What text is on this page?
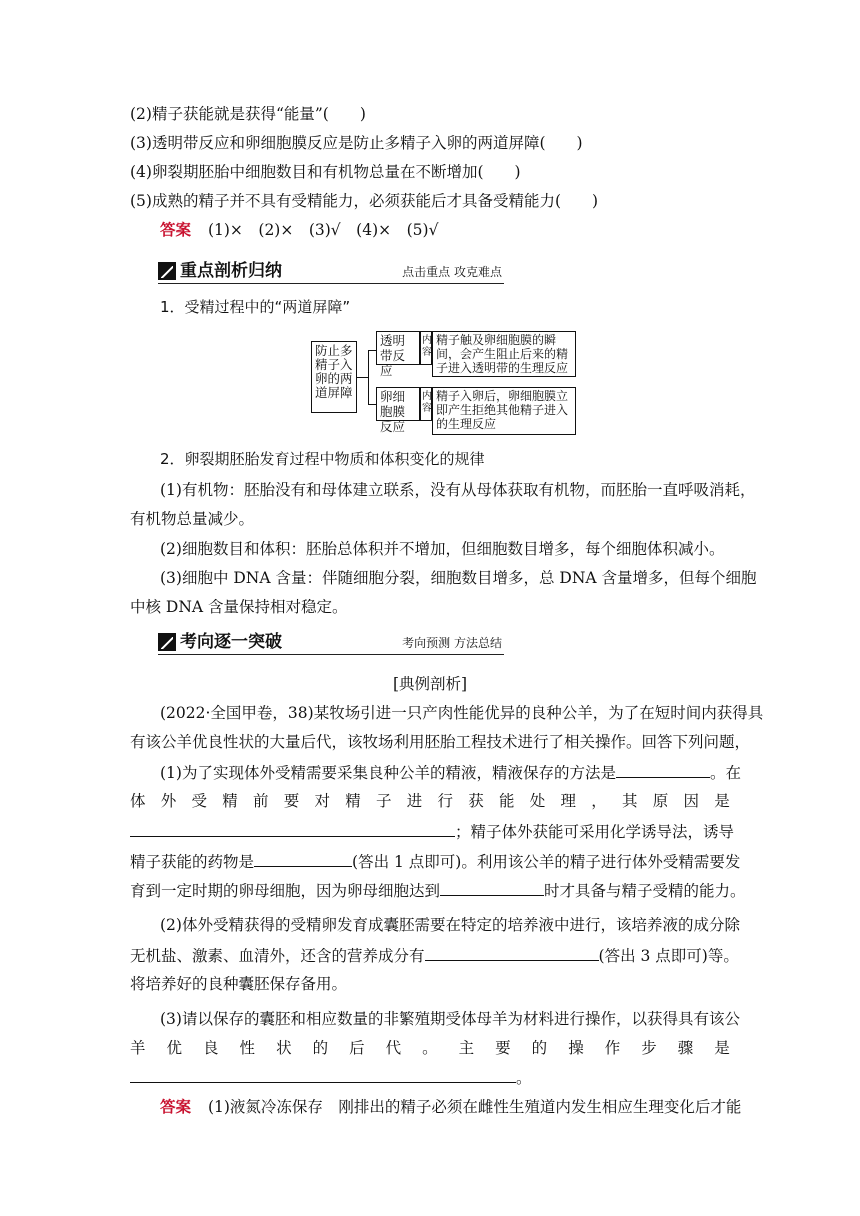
(2)精子获能就是获得“能量”(　　)
(3)透明带反应和卵细胞膜反应是防止多精子入卵的两道屏障(　　)
(4)卵裂期胚胎中细胞数目和有机物总量在不断增加(　　)
(5)成熟的精子并不具有受精能力，必须获能后才具备受精能力(　　)
答案 (1)×　(2)×　(3)√　(4)×　(5)√
重点剖析归纳	点击重点 攻克难点
1．受精过程中的“两道屏障”
防止多精子入卵的两道屏障
透明带反应
内容
精子触及卵细胞膜的瞬间，会产生阻止后来的精子进入透明带的生理反应
卵细胞膜反应
内容
精子入卵后，卵细胞膜立即产生拒绝其他精子进入的生理反应
2．卵裂期胚胎发育过程中物质和体积变化的规律
(1)有机物：胚胎没有和母体建立联系，没有从母体获取有机物，而胚胎一直呼吸消耗，
有机物总量减少。
(2)细胞数目和体积：胚胎总体积并不增加，但细胞数目增多，每个细胞体积减小。
(3)细胞中 DNA 含量：伴随细胞分裂，细胞数目增多，总 DNA 含量增多，但每个细胞
中核 DNA 含量保持相对稳定。
考向逐一突破	考向预测 方法总结
[典例剖析]
(2022·全国甲卷，38)某牧场引进一只产肉性能优异的良种公羊，为了在短时间内获得具
有该公羊优良性状的大量后代，该牧场利用胚胎工程技术进行了相关操作。回答下列问题，
(1)为了实现体外受精需要采集良种公羊的精液，精液保存的方法是	。在
体 外 受 精 前 要 对 精 子 进 行 获 能 处 理 ， 其 原 因 是
；精子体外获能可采用化学诱导法，诱导
精子获能的药物是	(答出 1 点即可)。利用该公羊的精子进行体外受精需要发
育到一定时期的卵母细胞，因为卵母细胞达到	时才具备与精子受精的能力。
(2)体外受精获得的受精卵发育成囊胚需要在特定的培养液中进行，该培养液的成分除
无机盐、激素、血清外，还含的营养成分有	(答出 3 点即可)等。
将培养好的良种囊胚保存备用。
(3)请以保存的囊胚和相应数量的非繁殖期受体母羊为材料进行操作，以获得具有该公
羊 优 良 性 状 的 后 代 。 主 要 的 操 作 步 骤 是
。
答案 (1)液氮冷冻保存　刚排出的精子必须在雌性生殖道内发生相应生理变化后才能
